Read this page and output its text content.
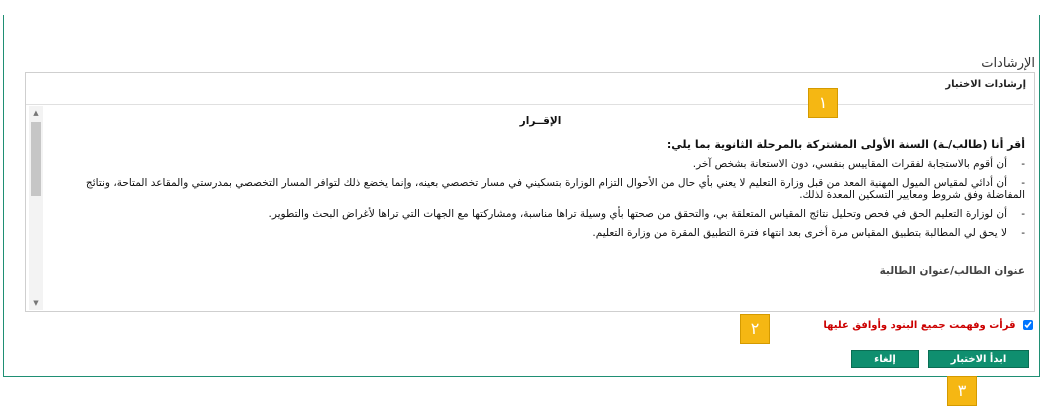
الإرشادات
إرشادات الاختبار
الإقــرار
أقر أنا (طالب/ـة) السنة الأولى المشتركة بالمرحلة الثانوية بما يلي:
-أن أقوم بالاستجابة لفقرات المقاييس بنفسي، دون الاستعانة بشخص آخر.
-أن أدائي لمقياس الميول المهنية المعد من قبل وزارة التعليم لا يعني بأي حال من الأحوال التزام الوزارة بتسكيني في مسار تخصصي بعينه، وإنما يخضع ذلك لتوافر المسار التخصصي بمدرستي والمقاعد المتاحة، ونتائج المفاضلة وفق شروط ومعايير التسكين المعدة لذلك.
-أن لوزارة التعليم الحق في فحص وتحليل نتائج المقياس المتعلقة بي، والتحقق من صحتها بأي وسيلة تراها مناسبة، ومشاركتها مع الجهات التي تراها لأغراض البحث والتطوير.
-لا يحق لي المطالبة بتطبيق المقياس مرة أخرى بعد انتهاء فترة التطبيق المقرة من وزارة التعليم.
عنوان الطالب/عنوان الطالبة
▲
▼
١
٢
٣
قرأت وفهمت جميع البنود وأوافق عليها
ابدأ الاختبار
إلغاء
